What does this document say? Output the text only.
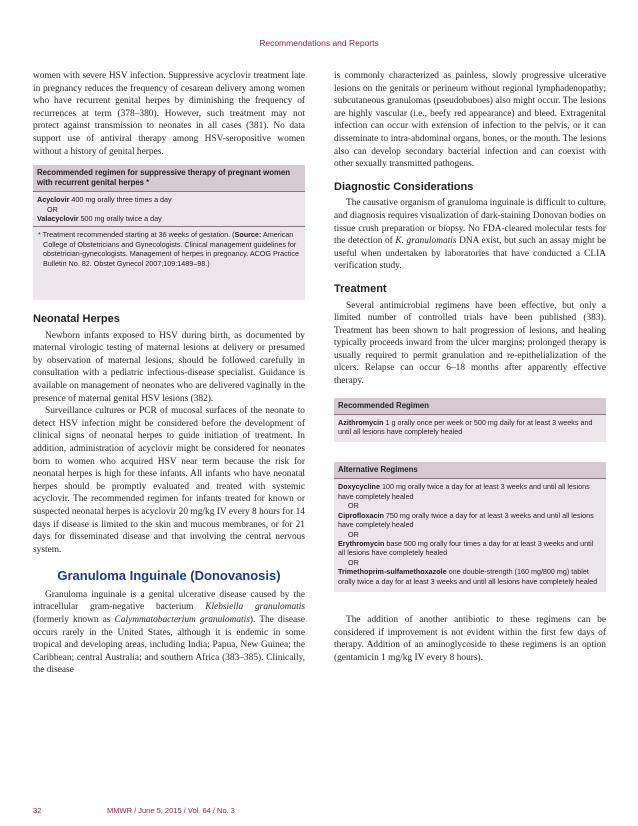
Recommendations and Reports

women with severe HSV infection. Suppressive acyclovir treatment late in pregnancy reduces the frequency of cesarean delivery among women who have recurrent genital herpes by diminishing the frequency of recurrences at term (378–380). However, such treatment may not protect against transmission to neonates in all cases (381). No data support use of antiviral therapy among HSV-seropositive women without a history of genital herpes.

Recommended regimen for suppressive therapy of pregnant women with recurrent genital herpes *
Acyclovir 400 mg orally three times a day
OR
Valacyclovir 500 mg orally twice a day
* Treatment recommended starting at 36 weeks of gestation. (Source: American College of Obstetricians and Gynecologists. Clinical management guidelines for obstetrician-gynecologists. Management of herpes in pregnancy. ACOG Practice Bulletin No. 82. Obstet Gynecol 2007;109:1489–98.)
Neonatal Herpes

Newborn infants exposed to HSV during birth, as documented by maternal virologic testing of maternal lesions at delivery or presumed by observation of maternal lesions, should be followed carefully in consultation with a pediatric infectious-disease specialist. Guidance is available on management of neonates who are delivered vaginally in the presence of maternal genital HSV lesions (382).

Surveillance cultures or PCR of mucosal surfaces of the neonate to detect HSV infection might be considered before the development of clinical signs of neonatal herpes to guide initiation of treatment. In addition, administration of acyclovir might be considered for neonates born to women who acquired HSV near term because the risk for neonatal herpes is high for these infants. All infants who have neonatal herpes should be promptly evaluated and treated with systemic acyclovir. The recommended regimen for infants treated for known or suspected neonatal herpes is acyclovir 20 mg/kg IV every 8 hours for 14 days if disease is limited to the skin and mucous membranes, or for 21 days for disseminated disease and that involving the central nervous system.

Granuloma Inguinale (Donovanosis)

Granuloma inguinale is a genital ulcerative disease caused by the intracellular gram-negative bacterium Klebsiella granulomatis (formerly known as Calymmatobacterium granulomatis). The disease occurs rarely in the United States, although it is endemic in some tropical and developing areas, including India; Papua, New Guinea; the Caribbean; central Australia; and southern Africa (383–385). Clinically, the disease

is commonly characterized as painless, slowly progressive ulcerative lesions on the genitals or perineum without regional lymphadenopathy; subcutaneous granulomas (pseudobuboes) also might occur. The lesions are highly vascular (i.e., beefy red appearance) and bleed. Extragenital infection can occur with extension of infection to the pelvis, or it can disseminate to intra-abdominal organs, bones, or the mouth. The lesions also can develop secondary bacterial infection and can coexist with other sexually transmitted pathogens.

Diagnostic Considerations

The causative organism of granuloma inguinale is difficult to culture, and diagnosis requires visualization of dark-staining Donovan bodies on tissue crush preparation or biopsy. No FDA-cleared molecular tests for the detection of K. granulomatis DNA exist, but such an assay might be useful when undertaken by laboratories that have conducted a CLIA verification study.

Treatment

Several antimicrobial regimens have been effective, but only a limited number of controlled trials have been published (383). Treatment has been shown to halt progression of lesions, and healing typically proceeds inward from the ulcer margins; prolonged therapy is usually required to permit granulation and re-epithelialization of the ulcers. Relapse can occur 6–18 months after apparently effective therapy.

Recommended Regimen
Azithromycin 1 g orally once per week or 500 mg daily for at least 3 weeks and until all lesions have completely healed
Alternative Regimens
Doxycycline 100 mg orally twice a day for at least 3 weeks and until all lesions have completely healed
OR
Ciprofloxacin 750 mg orally twice a day for at least 3 weeks and until all lesions have completely healed
OR
Erythromycin base 500 mg orally four times a day for at least 3 weeks and until all lesions have completely healed
OR
Trimethoprim-sulfamethoxazole one double-strength (160 mg/800 mg) tablet orally twice a day for at least 3 weeks and until all lesions have completely healed

The addition of another antibiotic to these regimens can be considered if improvement is not evident within the first few days of therapy. Addition of an aminoglycoside to these regimens is an option (gentamicin 1 mg/kg IV every 8 hours).

32	MMWR / June 5, 2015 / Vol. 64 / No. 3
